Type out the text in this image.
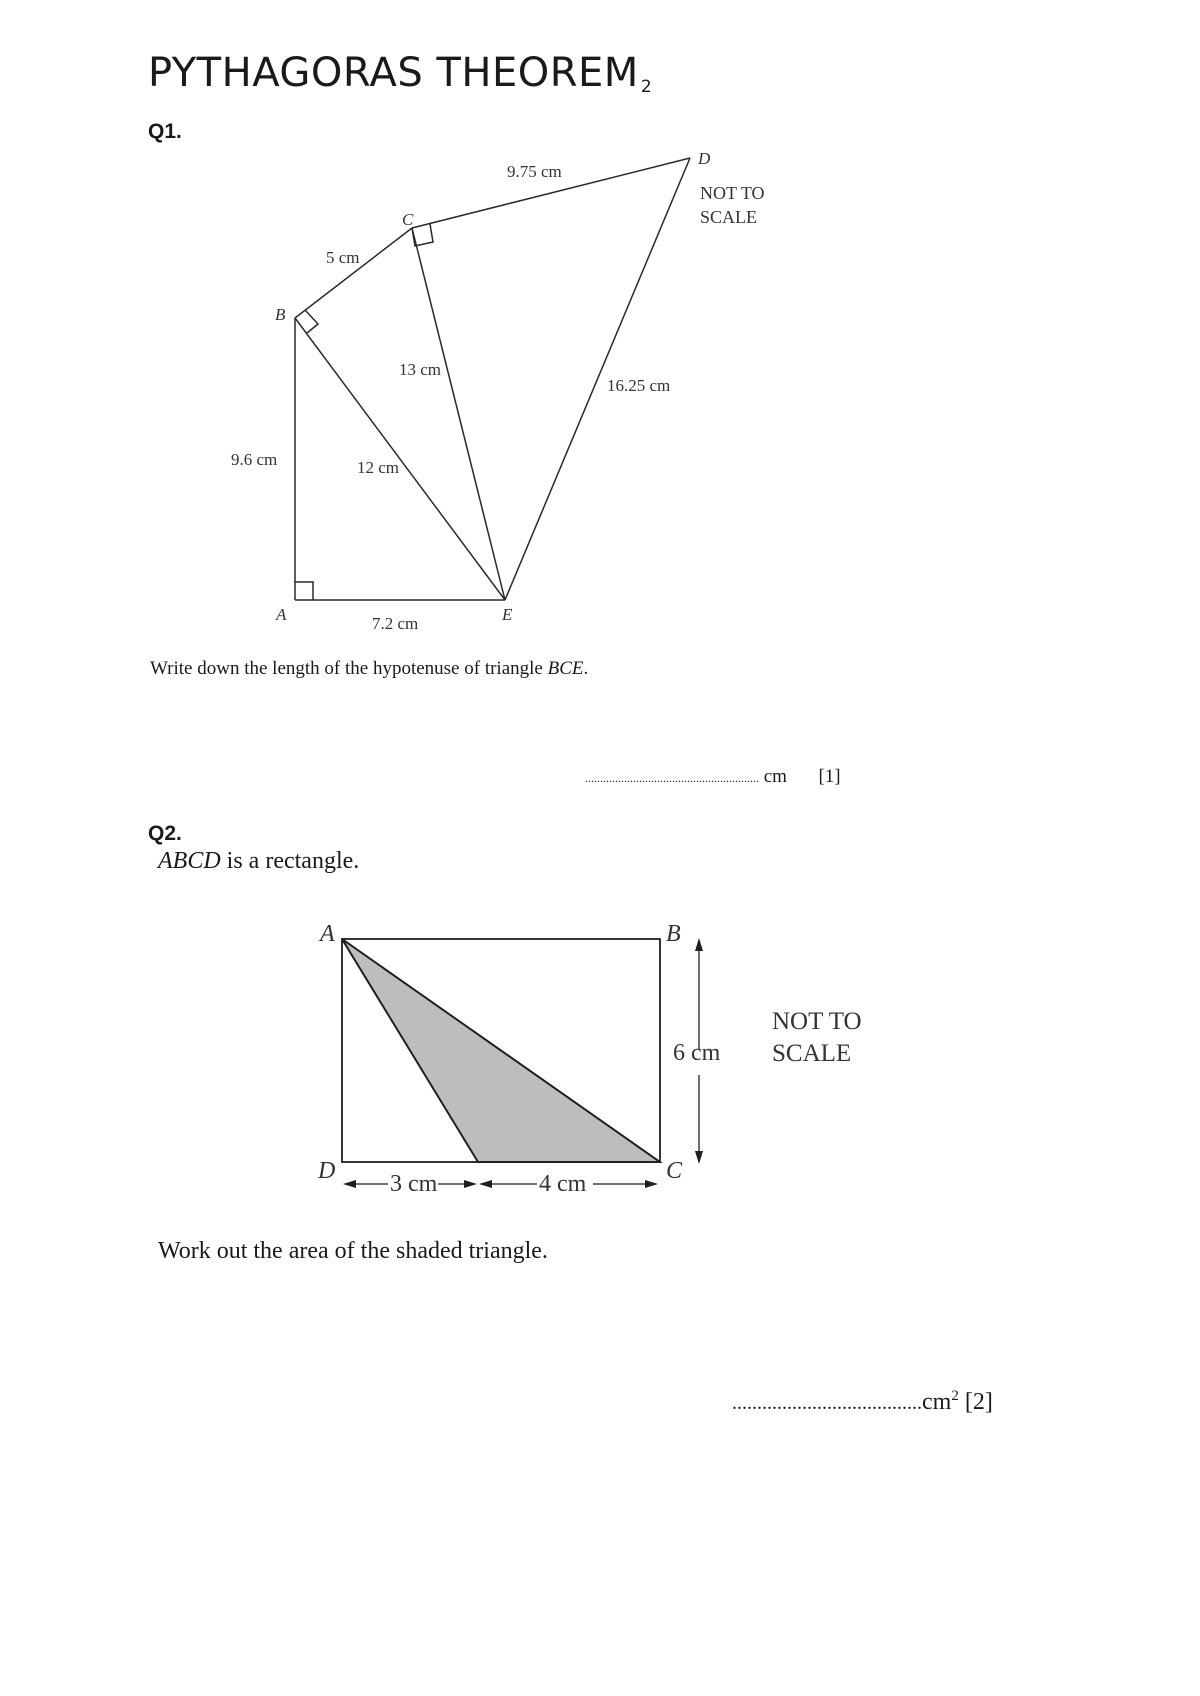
PYTHAGORAS THEOREM $_2$
Q1.
A
B
C
D
E
9.6 cm
7.2 cm
5 cm
12 cm
13 cm
9.75 cm
16.25 cm
NOT TO
SCALE
Write down the length of the hypotenuse of triangle BCE.
.......................................................... cm [1]
Q2.
ABCD is a rectangle.
A	B
C
D
6 cm
3 cm	4 cm
NOT TO
SCALE
Work out the area of the shaded triangle.
$......................................cm^2$ [2]
